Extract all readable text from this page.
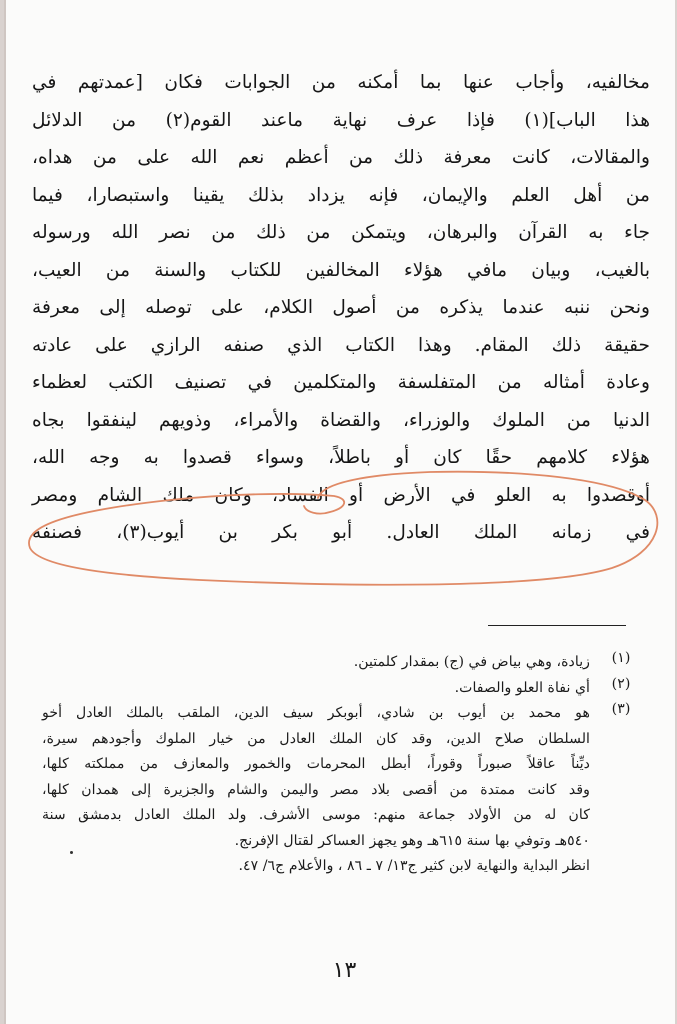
مخالفيه، وأجاب عنها بما أمكنه من الجوابات فكان [عمدتهم في
هذا الباب](١) فإذا عرف نهاية ماعند القوم(٢) من الدلائل
والمقالات، كانت معرفة ذلك من أعظم نعم الله على من هداه،
من أهل العلم والإيمان، فإنه يزداد بذلك يقينا واستبصارا، فيما
جاء به القرآن والبرهان، ويتمكن من ذلك من نصر الله ورسوله
بالغيب، وبيان مافي هؤلاء المخالفين للكتاب والسنة من العيب،
ونحن ننبه عندما يذكره من أصول الكلام، على توصله إلى معرفة
حقيقة ذلك المقام. وهذا الكتاب الذي صنفه الرازي على عادته
وعادة أمثاله من المتفلسفة والمتكلمين في تصنيف الكتب لعظماء
الدنيا من الملوك والوزراء، والقضاة والأمراء، وذويهم لينفقوا بجاه
هؤلاء كلامهم حقًا كان أو باطلاً، وسواء قصدوا به وجه الله،
أوقصدوا به العلو في الأرض أو الفساد، وكان ملك الشام ومصر
في زمانه الملك العادل. أبو بكر بن أيوب(٣)، فصنفه
(١)
زيادة، وهي بياض في (ج) بمقدار كلمتين.
(٢)
أي نفاة العلو والصفات.
(٣)
هو محمد بن أيوب بن شادي، أبوبكر سيف الدين، الملقب بالملك العادل أخو
السلطان صلاح الدين، وقد كان الملك العادل من خيار الملوك وأجودهم سيرة،
ديِّناً عاقلاً صبوراً وقوراً، أبطل المحرمات والخمور والمعازف من مملكته كلها،
وقد كانت ممتدة من أقصى بلاد مصر واليمن والشام والجزيرة إلى همدان كلها،
كان له من الأولاد جماعة منهم: موسى الأشرف. ولد الملك العادل بدمشق سنة
٥٤٠هـ وتوفي بها سنة ٦١٥هـ وهو يجهز العساكر لقتال الإفرنج.
انظر البداية والنهاية لابن كثير ج١٣/ ٧ ـ ٨٦ ، والأعلام ج٦/ ٤٧.
١٣
